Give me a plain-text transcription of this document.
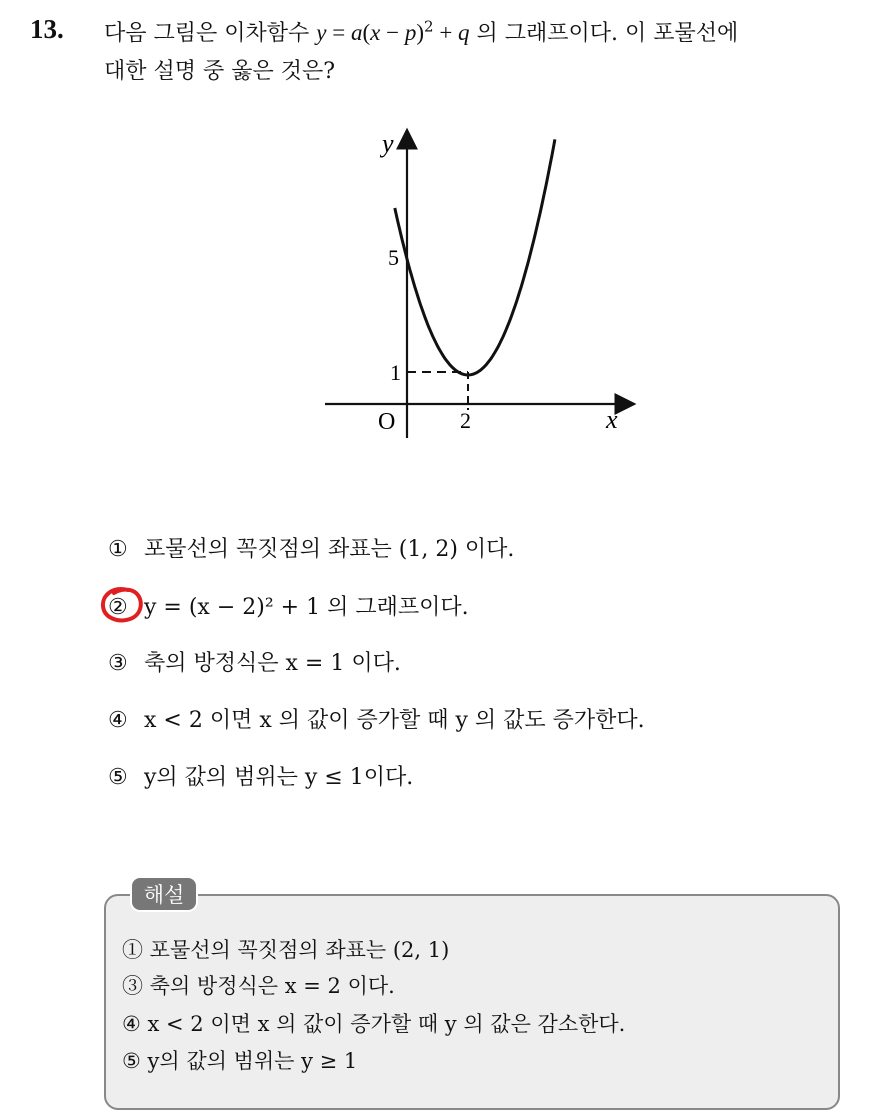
13. 다음 그림은 이차함수 $y = a(x - p)^2 + q$ 의 그래프이다. 이 포물선에
대한 설명 중 옳은 것은?
y
x
O
5
1
2
① 포물선의 꼭짓점의 좌표는 (1, 2) 이다.
② y = (x − 2)² + 1 의 그래프이다.
③ 축의 방정식은 x = 1 이다.
④ x < 2 이면 x 의 값이 증가할 때 y 의 값도 증가한다.
⑤ y의 값의 범위는 y ≤ 1이다.
해설
① 포물선의 꼭짓점의 좌표는 (2, 1)
③ 축의 방정식은 x = 2 이다.
④ x < 2 이면 x 의 값이 증가할 때 y 의 값은 감소한다.
⑤ y의 값의 범위는 y ≥ 1
